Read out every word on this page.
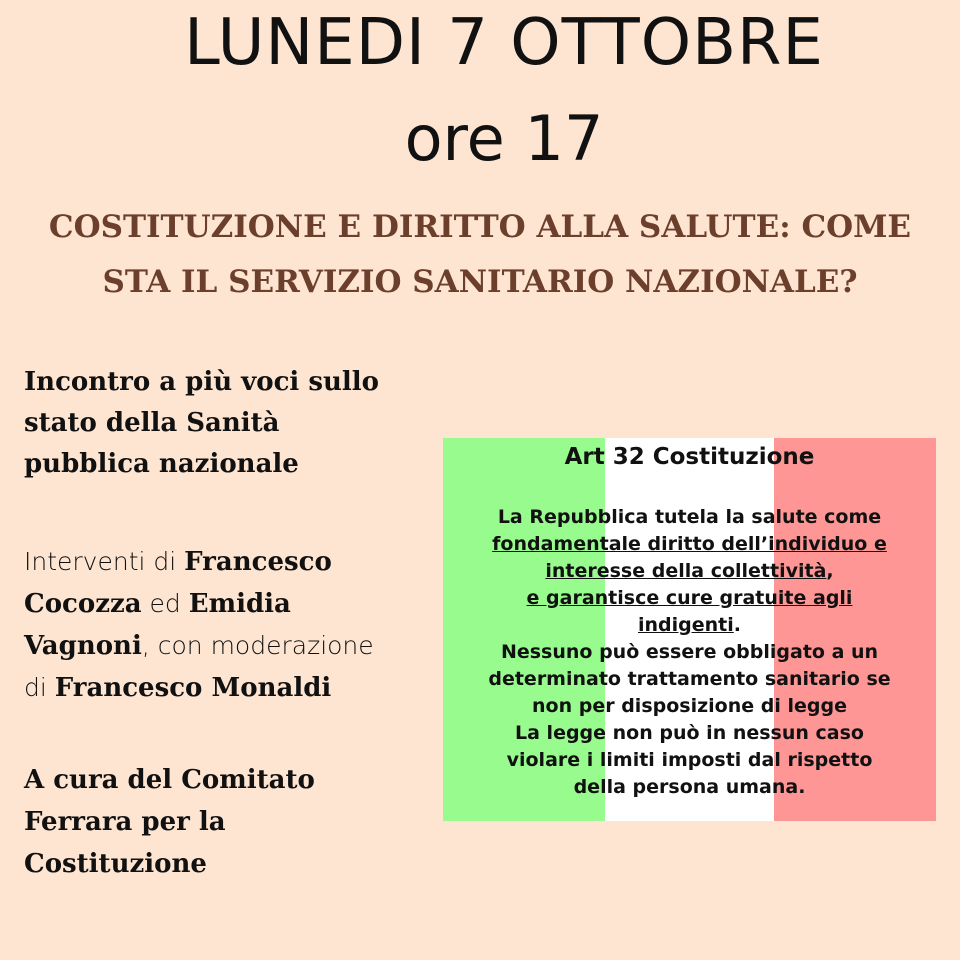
LUNEDI 7 OTTOBRE
ore 17
COSTITUZIONE E DIRITTO ALLA SALUTE: COME
STA IL SERVIZIO SANITARIO NAZIONALE?

Incontro a più voci sullo
stato della Sanità
pubblica nazionale

Interventi di Francesco
Cocozza ed Emidia
Vagnoni, con moderazione
di Francesco Monaldi

A cura del Comitato
Ferrara per la
Costituzione

Art 32 Costituzione
La Repubblica tutela la salute come
fondamentale diritto dell’individuo e
interesse della collettività,
e garantisce cure gratuite agli
indigenti.
Nessuno può essere obbligato a un
determinato trattamento sanitario se
non per disposizione di legge
La legge non può in nessun caso
violare i limiti imposti dal rispetto
della persona umana.
